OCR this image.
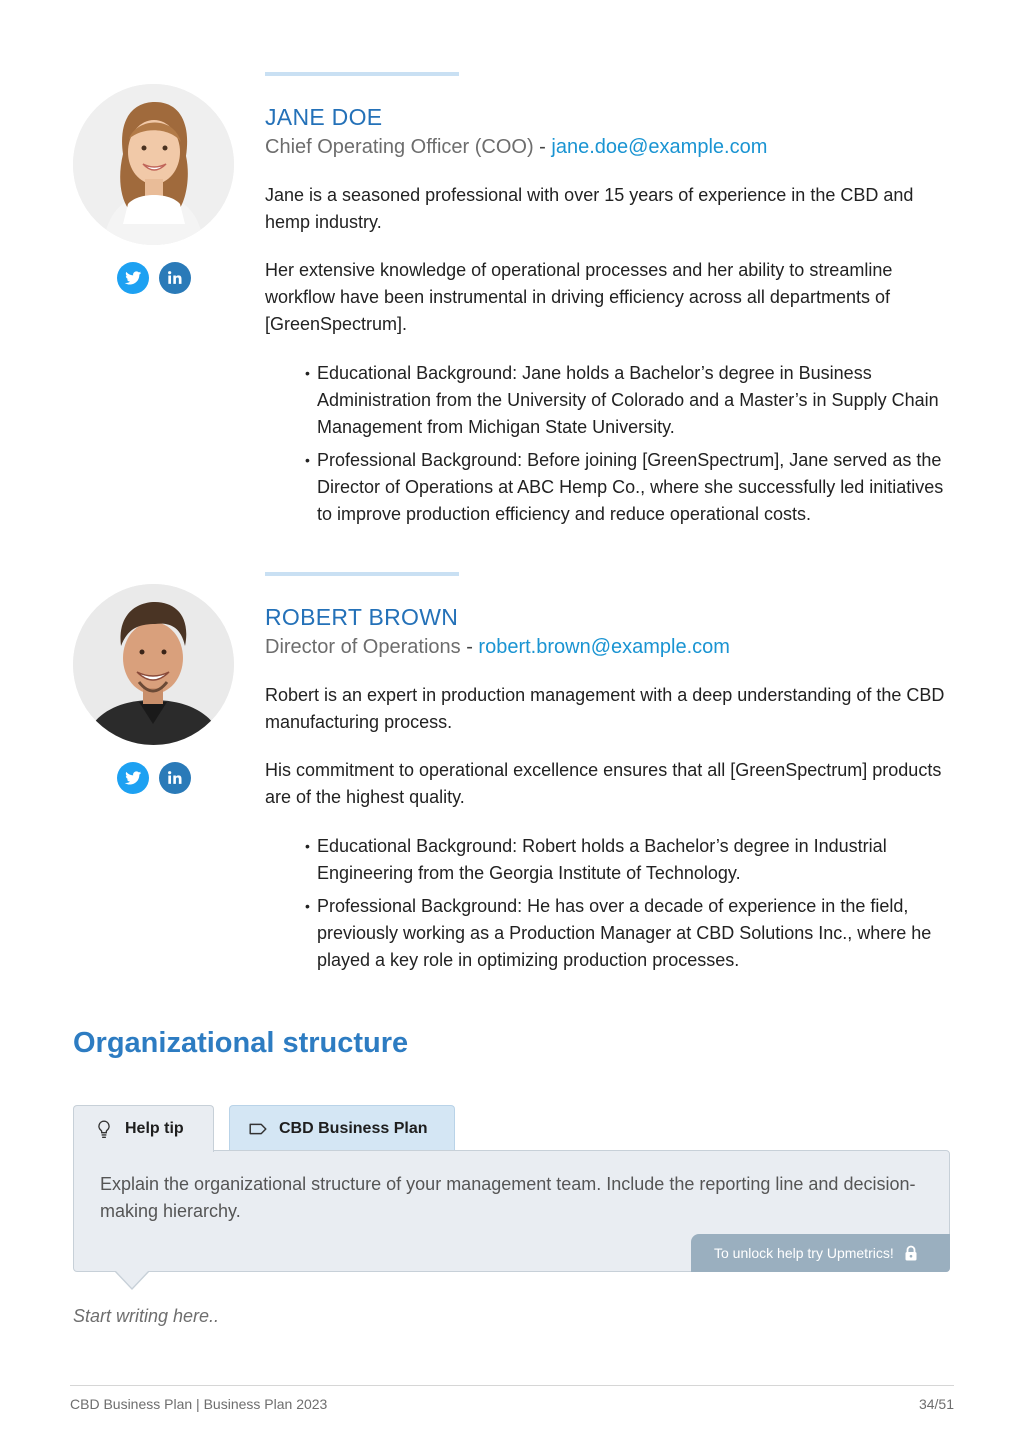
JANE DOE
Chief Operating Officer (COO) - jane.doe@example.com

Jane is a seasoned professional with over 15 years of experience in the CBD and hemp industry.

Her extensive knowledge of operational processes and her ability to streamline workflow have been instrumental in driving efficiency across all departments of [GreenSpectrum].

• Educational Background: Jane holds a Bachelor’s degree in Business Administration from the University of Colorado and a Master’s in Supply Chain Management from Michigan State University.
• Professional Background: Before joining [GreenSpectrum], Jane served as the Director of Operations at ABC Hemp Co., where she successfully led initiatives to improve production efficiency and reduce operational costs.
ROBERT BROWN
Director of Operations - robert.brown@example.com

Robert is an expert in production management with a deep understanding of the CBD manufacturing process.

His commitment to operational excellence ensures that all [GreenSpectrum] products are of the highest quality.

• Educational Background: Robert holds a Bachelor’s degree in Industrial Engineering from the Georgia Institute of Technology.
• Professional Background: He has over a decade of experience in the field, previously working as a Production Manager at CBD Solutions Inc., where he played a key role in optimizing production processes.
Organizational structure
Help tip	CBD Business Plan

Explain the organizational structure of your management team. Include the reporting line and decision-making hierarchy.

To unlock help try Upmetrics!
Start writing here..
CBD Business Plan | Business Plan 2023	34/51
